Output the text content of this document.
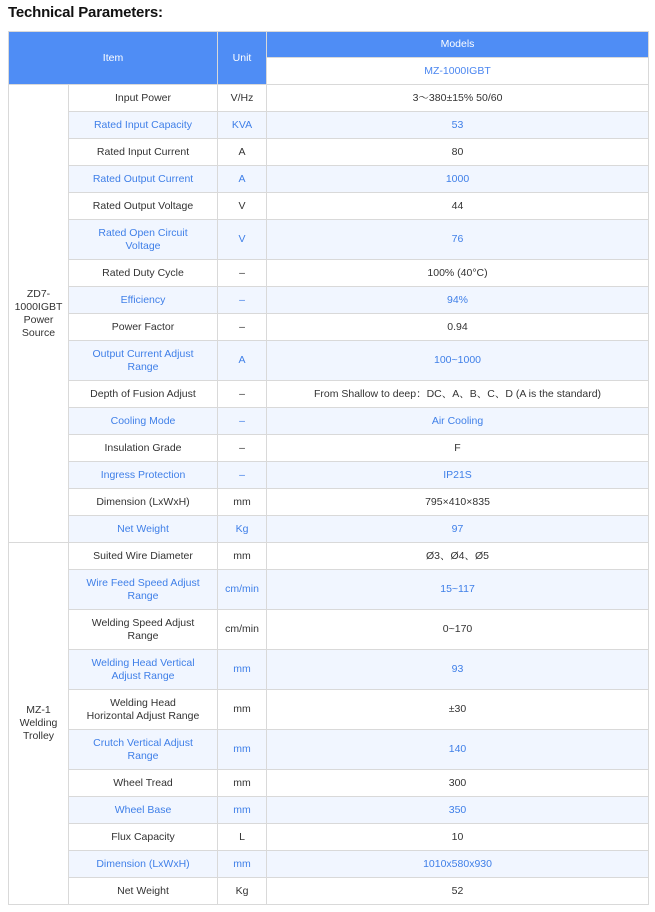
Technical Parameters:
Item		Unit	Models
			MZ-1000IGBT

ZD7-
1000IGBT
Power
Source	Input Power	V/Hz	3～380±15% 50/60

	Rated Input Capacity	KVA	53

	Rated Input Current	A	80

	Rated Output Current	A	1000

	Rated Output Voltage	V	44

	Rated Open Circuit
Voltage	V	76

	Rated Duty Cycle	–	100% (40°C)

	Efficiency	–	94%

	Power Factor	–	0.94

	Output Current Adjust
Range	A	100~1000

	Depth of Fusion Adjust	–	From Shallow to deep：DC、A、B、C、D (A is the standard)

	Cooling Mode	–	Air Cooling

	Insulation Grade	–	F

	Ingress Protection	–	IP21S

	Dimension (LxWxH)	mm	795×410×835

	Net Weight	Kg	97

MZ-1
Welding
Trolley	Suited Wire Diameter	mm	Ø3、Ø4、Ø5

	Wire Feed Speed Adjust
Range	cm/min	15~117

	Welding Speed Adjust
Range	cm/min	0~170

	Welding Head Vertical
Adjust Range	mm	93

	Welding Head
Horizontal Adjust Range	mm	±30

	Crutch Vertical Adjust
Range	mm	140

	Wheel Tread	mm	300

	Wheel Base	mm	350

	Flux Capacity	L	10

	Dimension (LxWxH)	mm	1010x580x930

	Net Weight	Kg	52
